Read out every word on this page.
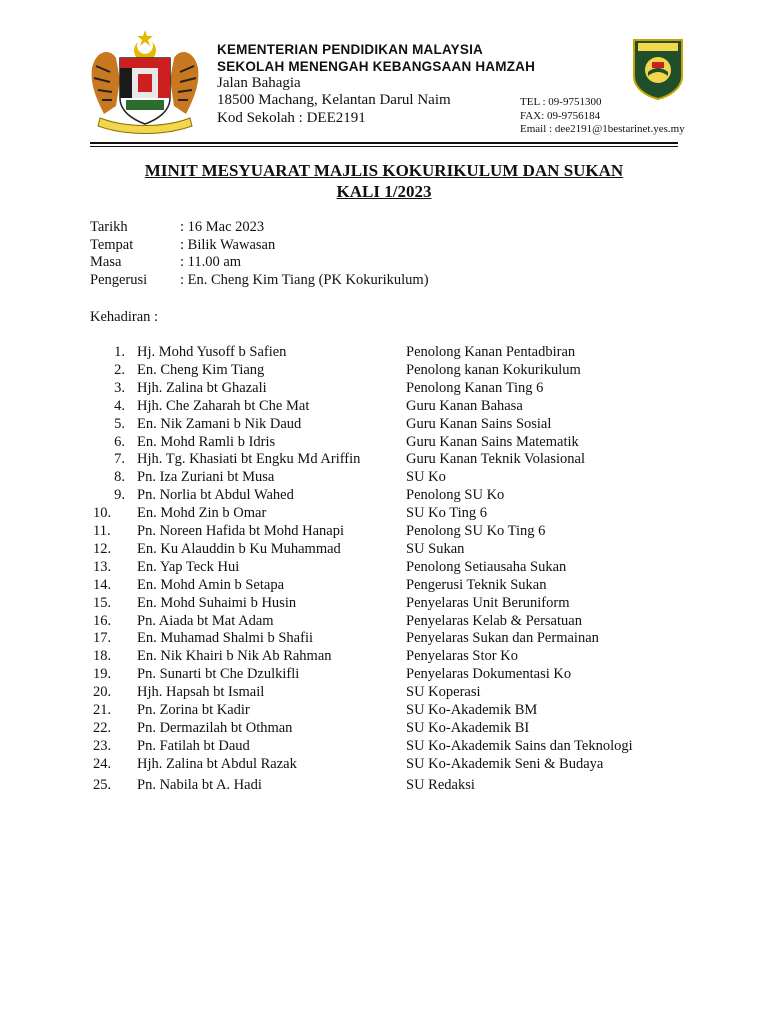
KEMENTERIAN PENDIDIKAN MALAYSIA
SEKOLAH MENENGAH KEBANGSAAN HAMZAH
Jalan Bahagia
18500 Machang, Kelantan Darul Naim
Kod Sekolah : DEE2191
TEL : 09-9751300
FAX: 09-9756184
Email : dee2191@1bestarinet.yes.my
MINIT MESYUARAT MAJLIS KOKURIKULUM DAN SUKAN
KALI 1/2023
Tarikh	: 16 Mac 2023
Tempat	: Bilik Wawasan
Masa	: 11.00 am
Pengerusi : En. Cheng Kim Tiang (PK Kokurikulum)
Kehadiran :
1. Hj. Mohd Yusoff b Safien	Penolong Kanan Pentadbiran
2. En. Cheng Kim Tiang	Penolong kanan Kokurikulum
3. Hjh. Zalina bt Ghazali	Penolong Kanan Ting 6
4. Hjh. Che Zaharah bt Che Mat	Guru Kanan Bahasa
5. En. Nik Zamani b Nik Daud	Guru Kanan Sains Sosial
6. En. Mohd Ramli b Idris	Guru Kanan Sains Matematik
7. Hjh. Tg. Khasiati bt Engku Md Ariffin	Guru Kanan Teknik Volasional
8. Pn. Iza Zuriani bt Musa	SU Ko
9. Pn. Norlia bt Abdul Wahed	Penolong SU Ko
10.	En. Mohd Zin b Omar	SU Ko Ting 6
11.	Pn. Noreen Hafida bt Mohd Hanapi	Penolong SU Ko Ting 6
12.	En. Ku Alauddin b Ku Muhammad	SU Sukan
13.	En. Yap Teck Hui	Penolong Setiausaha Sukan
14.	En. Mohd Amin b Setapa	Pengerusi Teknik Sukan
15.	En. Mohd Suhaimi b Husin	Penyelaras Unit Beruniform
16.	Pn. Aiada bt Mat Adam	Penyelaras Kelab & Persatuan
17.	En. Muhamad Shalmi b Shafii	Penyelaras Sukan dan Permainan
18.	En. Nik Khairi b Nik Ab Rahman	Penyelaras Stor Ko
19.	Pn. Sunarti bt Che Dzulkifli	Penyelaras Dokumentasi Ko
20.	Hjh. Hapsah bt Ismail	SU Koperasi
21.	Pn. Zorina bt Kadir	SU Ko-Akademik BM
22.	Pn. Dermazilah bt Othman	SU Ko-Akademik BI
23.	Pn. Fatilah bt Daud	SU Ko-Akademik Sains dan Teknologi
24.	Hjh. Zalina bt Abdul Razak	SU Ko-Akademik Seni & Budaya
25.	Pn. Nabila bt A. Hadi	SU Redaksi
